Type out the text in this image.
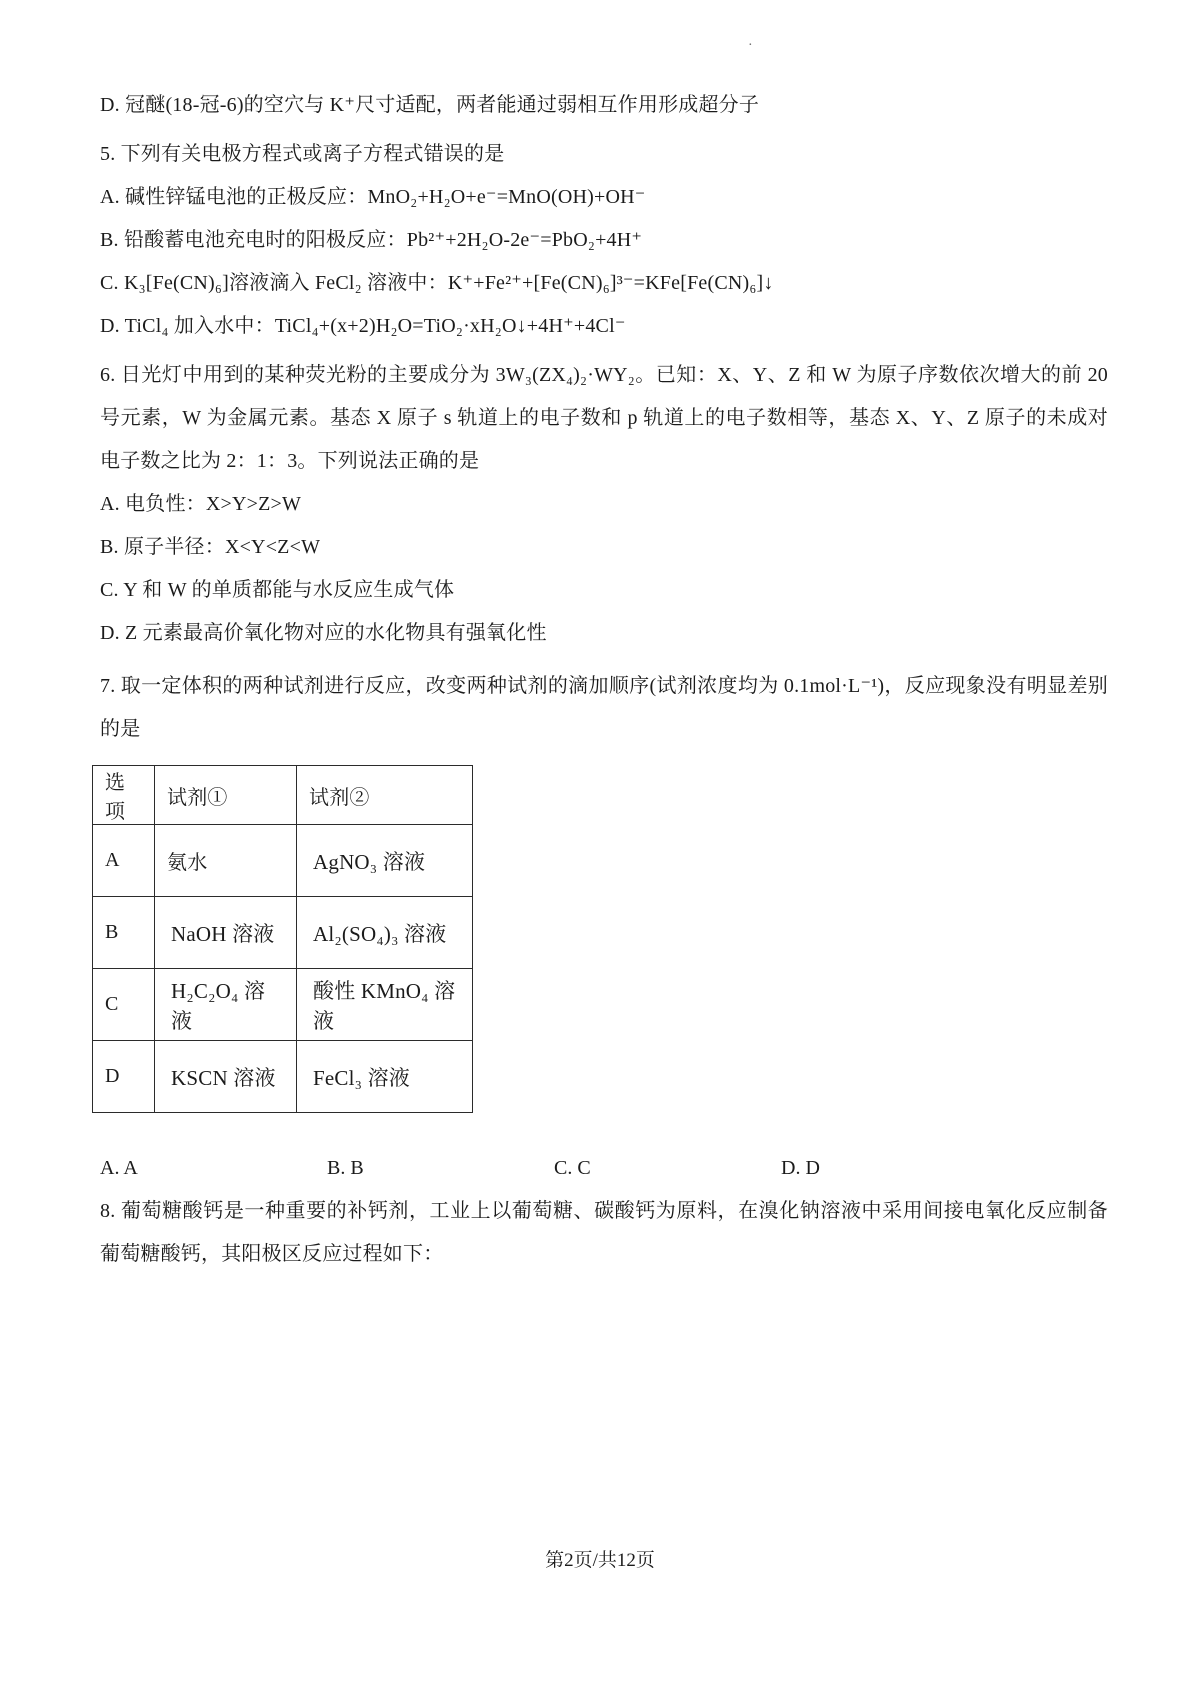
·

D. 冠醚(18-冠-6)的空穴与 K⁺尺寸适配，两者能通过弱相互作用形成超分子

5. 下列有关电极方程式或离子方程式错误的是

A. 碱性锌锰电池的正极反应：MnO₂+H₂O+e⁻=MnO(OH)+OH⁻

B. 铅酸蓄电池充电时的阳极反应：Pb²⁺+2H₂O-2e⁻=PbO₂+4H⁺

C. K₃[Fe(CN)₆]溶液滴入 FeCl₂ 溶液中：K⁺+Fe²⁺+[Fe(CN)₆]³⁻=KFe[Fe(CN)₆]↓

D. TiCl₄ 加入水中：TiCl₄+(x+2)H₂O=TiO₂·xH₂O↓+4H⁺+4Cl⁻

6. 日光灯中用到的某种荧光粉的主要成分为 3W₃(ZX₄)₂·WY₂。已知：X、Y、Z 和 W 为原子序数依次增大的前 20 号元素，W 为金属元素。基态 X 原子 s 轨道上的电子数和 p 轨道上的电子数相等，基态 X、Y、Z 原子的未成对电子数之比为 2：1：3。下列说法正确的是

A. 电负性：X>Y>Z>W

B. 原子半径：X<Y<Z<W

C. Y 和 W 的单质都能与水反应生成气体

D. Z 元素最高价氧化物对应的水化物具有强氧化性

7. 取一定体积的两种试剂进行反应，改变两种试剂的滴加顺序(试剂浓度均为 0.1mol·L⁻¹)，反应现象没有明显差别的是

选项	试剂①	试剂②
A	氨水	AgNO₃ 溶液
B	NaOH 溶液	Al₂(SO₄)₃ 溶液
C	H₂C₂O₄ 溶液	酸性 KMnO₄ 溶液
D	KSCN 溶液	FeCl₃ 溶液
A. A	B. B	C. C	D. D

8. 葡萄糖酸钙是一种重要的补钙剂，工业上以葡萄糖、碳酸钙为原料，在溴化钠溶液中采用间接电氧化反应制备葡萄糖酸钙，其阳极区反应过程如下：

第2页/共12页
